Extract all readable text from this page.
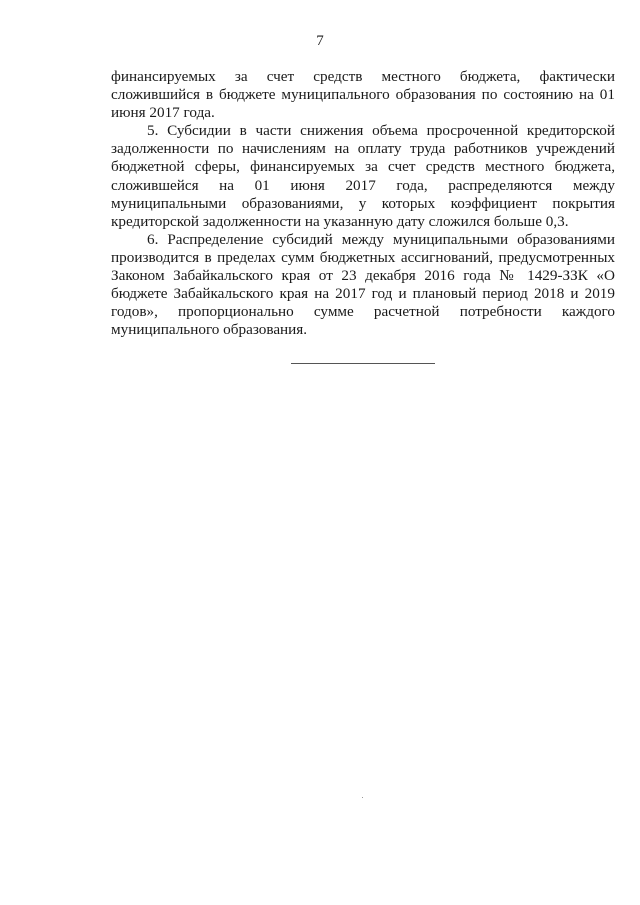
7

финансируемых за счет средств местного бюджета, фактически сложившийся в бюджете муниципального образования по состоянию на 01 июня 2017 года.

5. Субсидии в части снижения объема просроченной кредиторской задолженности по начислениям на оплату труда работников учреждений бюджетной сферы, финансируемых за счет средств местного бюджета, сложившейся на 01 июня 2017 года, распределяются между муниципальными образованиями, у которых коэффициент покрытия кредиторской задолженности на указанную дату сложился больше 0,3.

6. Распределение субсидий между муниципальными образованиями производится в пределах сумм бюджетных ассигнований, предусмотренных Законом Забайкальского края от 23 декабря 2016 года № 1429-ЗЗК «О бюджете Забайкальского края на 2017 год и плановый период 2018 и 2019 годов», пропорционально сумме расчетной потребности каждого муниципального образования.
